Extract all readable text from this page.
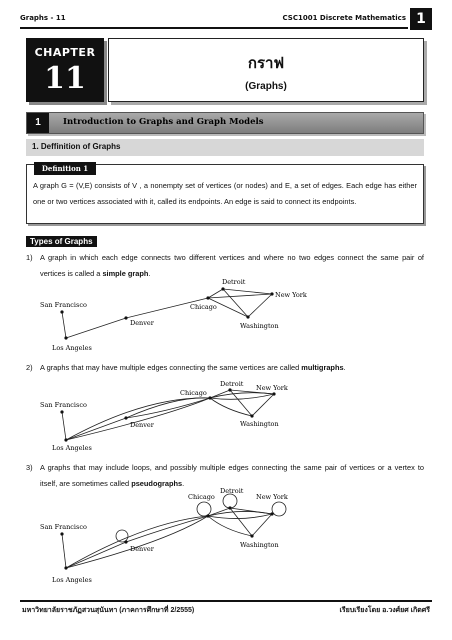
Graphs - 11	CSC1001 Discrete Mathematics 1
CHAPTER
11	กราฟ
(Graphs)
1	Introduction to Graphs and Graph Models
1. Deffinition of Graphs
Definition 1
A graph G = (V,E) consists of V , a nonempty set of vertices (or nodes) and E, a set of edges. Each edge has either one or two vertices associated with it, called its endpoints. An edge is said to connect its endpoints.
Types of Graphs
1)	A graph in which each edge connects two different vertices and where no two edges connect the same pair of vertices is called a simple graph.
San Francisco
Los Angeles
Denver
Chicago
Detroit
New York
Washington
2)	A graphs that may have multiple edges connecting the same vertices are called multigraphs.
San Francisco
Los Angeles
Denver
Chicago
Detroit New York
Washington
3)	A graphs that may include loops, and possibly multiple edges connecting the same pair of vertices or a vertex to itself, are sometimes called pseudographs.
San Francisco
Los Angeles
Denver
Chicago
Detroit
New York
Washington
มหาวิทยาลัยราชภัฏสวนสุนันทา (ภาคการศึกษาที่ 2/2555)	เรียบเรียงโดย อ.วงศ์ยศ เกิดศรี
